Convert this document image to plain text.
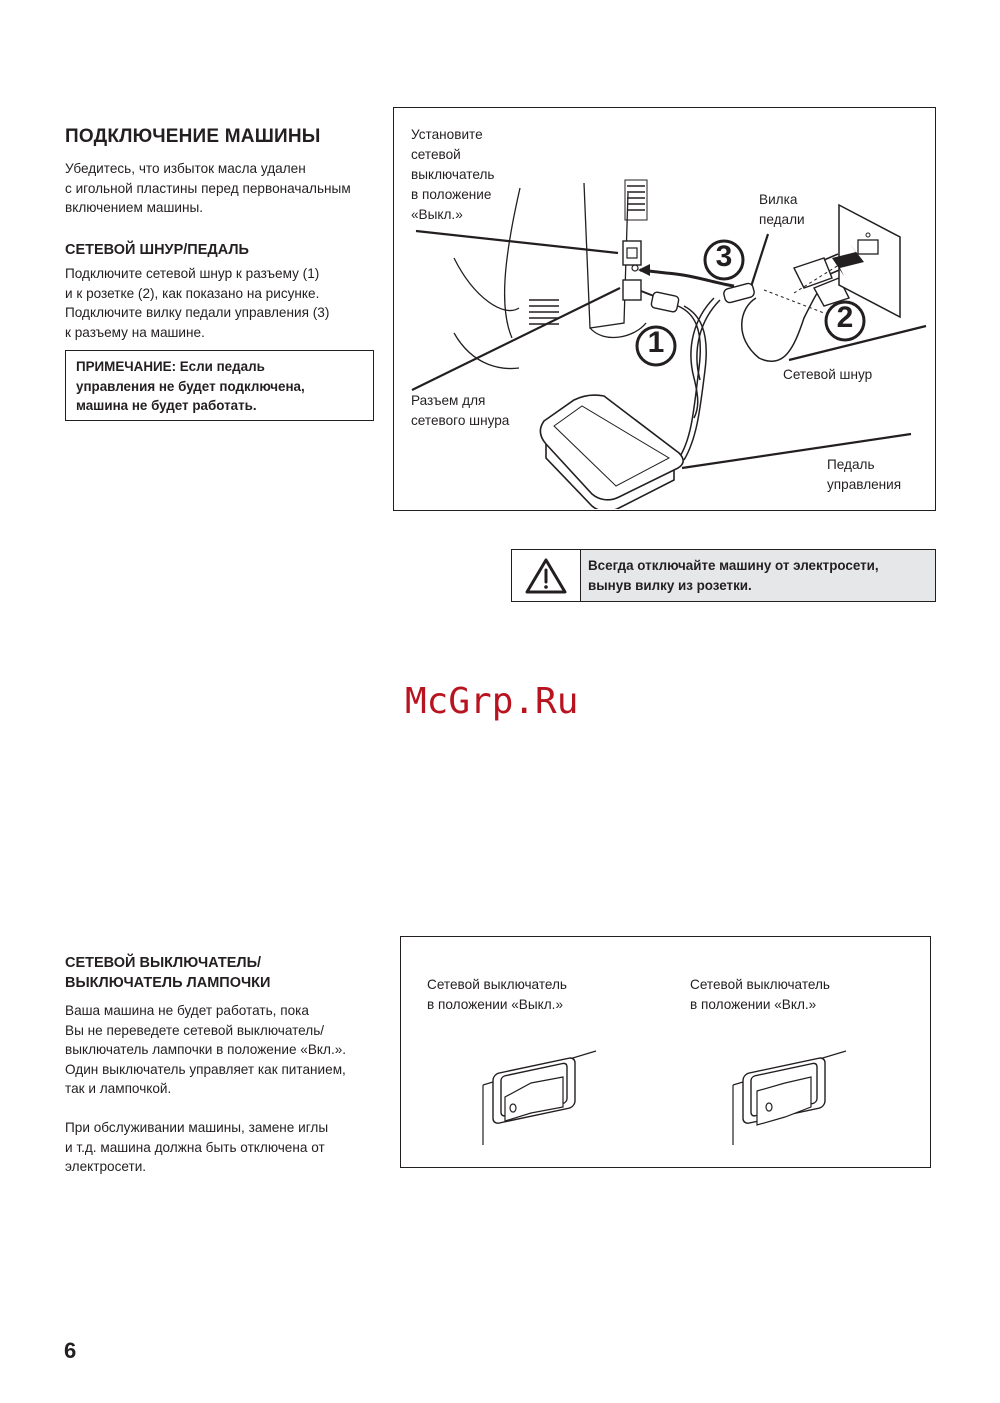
ПОДКЛЮЧЕНИЕ МАШИНЫ
Убедитесь, что избыток масла удален
с игольной пластины перед первоначальным
включением машины.
СЕТЕВОЙ ШНУР/ПЕДАЛЬ
Подключите сетевой шнур к разъему (1)
и к розетке (2), как показано на рисунке.
Подключите вилку педали управления (3)
к разъему на машине.
ПРИМЕЧАНИЕ: Если педаль
управления не будет подключена,
машина не будет работать.
1
2
3
Установите
сетевой
выключатель
в положение
«Выкл.»
Вилка
педали
Разъем для
сетевого шнура
Сетевой шнур
Педаль
управления
Всегда отключайте машину от электросети,
вынув вилку из розетки.
McGrp.Ru
СЕТЕВОЙ ВЫКЛЮЧАТЕЛЬ/
ВЫКЛЮЧАТЕЛЬ ЛАМПОЧКИ
Ваша машина не будет работать, пока
Вы не переведете сетевой выключатель/
выключатель лампочки в положение «Вкл.».
Один выключатель управляет как питанием,
так и лампочкой.
При обслуживании машины, замене иглы
и т.д. машина должна быть отключена от
электросети.
Сетевой выключатель
в положении «Выкл.»
Сетевой выключатель
в положении «Вкл.»
6
